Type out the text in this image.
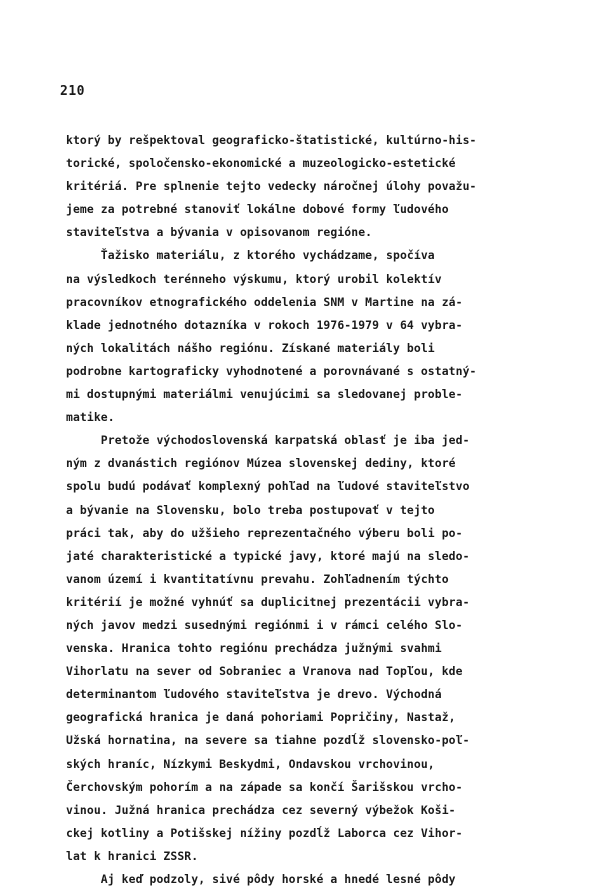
210
ktorý by rešpektoval geograficko-štatistické, kultúrno-his-
torické, spoločensko-ekonomické a muzeologicko-estetické
kritériá. Pre splnenie tejto vedecky náročnej úlohy považu-
jeme za potrebné stanoviť lokálne dobové formy ľudového
staviteľstva a bývania v opisovanom regióne.
Ťažisko materiálu, z ktorého vychádzame, spočíva
na výsledkoch terénneho výskumu, ktorý urobil kolektív
pracovníkov etnografického oddelenia SNM v Martine na zá-
klade jednotného dotazníka v rokoch 1976-1979 v 64 vybra-
ných lokalitách nášho regiónu. Získané materiály boli
podrobne kartograficky vyhodnotené a porovnávané s ostatný-
mi dostupnými materiálmi venujúcimi sa sledovanej proble-
matike.
Pretože východoslovenská karpatská oblasť je iba jed-
ným z dvanástich regiónov Múzea slovenskej dediny, ktoré
spolu budú podávať komplexný pohľad na ľudové staviteľstvo
a bývanie na Slovensku, bolo treba postupovať v tejto
práci tak, aby do užšieho reprezentačného výberu boli po-
jaté charakteristické a typické javy, ktoré majú na sledo-
vanom území i kvantitatívnu prevahu. Zohľadnením týchto
kritérií je možné vyhnúť sa duplicitnej prezentácii vybra-
ných javov medzi susednými regiónmi i v rámci celého Slo-
venska. Hranica tohto regiónu prechádza južnými svahmi
Vihorlatu na sever od Sobraniec a Vranova nad Topľou, kde
determinantom ľudového staviteľstva je drevo. Východná
geografická hranica je daná pohoriami Popričiny, Nastaž,
Užská hornatina, na severe sa tiahne pozdĺž slovensko-poľ-
ských hraníc, Nízkymi Beskydmi, Ondavskou vrchovinou,
Čerchovským pohorím a na západe sa končí Šarišskou vrcho-
vinou. Južná hranica prechádza cez severný výbežok Koši-
ckej kotliny a Potišskej nížiny pozdĺž Laborca cez Vihor-
lat k hranici ZSSR.
Aj keď podzoly, sivé pôdy horské a hnedé lesné pôdy
